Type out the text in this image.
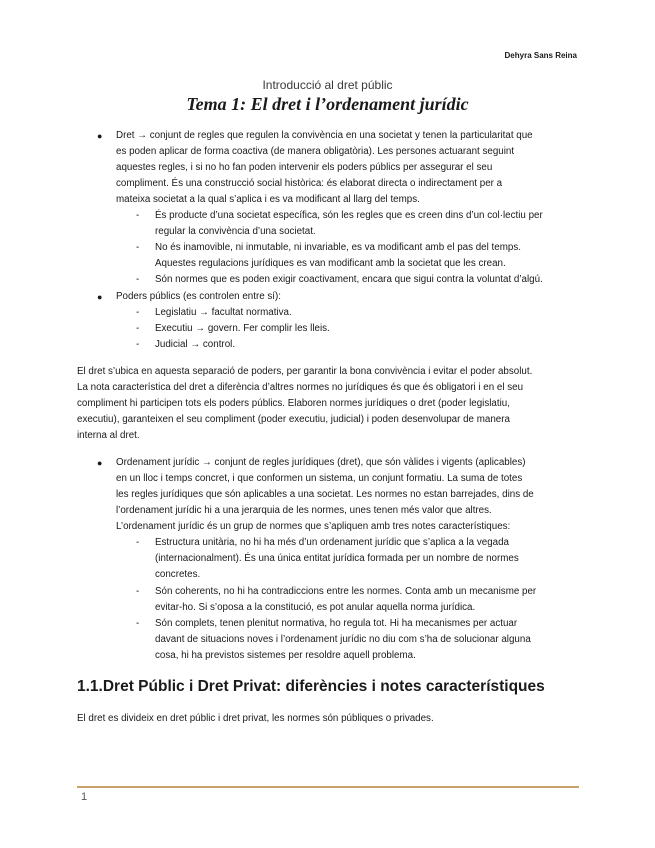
Dehyra Sans Reina
Introducció al dret públic
Tema 1: El dret i l’ordenament jurídic
● Dret → conjunt de regles que regulen la convivència en una societat y tenen la particularitat que
es poden aplicar de forma coactiva (de manera obligatòria). Les persones actuarant seguint
aquestes regles, i si no ho fan poden intervenir els poders públics per assegurar el seu
compliment. És una construcció social històrica: és elaborat directa o indirectament per a
mateixa societat a la qual s’aplica i es va modificant al llarg del temps.
- És producte d’una societat específica, són les regles que es creen dins d’un col·lectiu per
regular la convivència d’una societat.
- No és inamovible, ni inmutable, ni invariable, es va modificant amb el pas del temps.
Aquestes regulacions jurídiques es van modificant amb la societat que les crean.
- Són normes que es poden exigir coactivament, encara que sigui contra la voluntat d’algú.
● Poders públics (es controlen entre sí):
- Legislatiu → facultat normativa.
- Executiu → govern. Fer complir les lleis.
- Judicial → control.
El dret s’ubica en aquesta separació de poders, per garantir la bona convivència i evitar el poder absolut.
La nota característica del dret a diferència d’altres normes no jurídiques és que és obligatori i en el seu
compliment hi participen tots els poders públics. Elaboren normes jurídiques o dret (poder legislatiu,
executiu), garanteixen el seu compliment (poder executiu, judicial) i poden desenvolupar de manera
interna al dret.
● Ordenament jurídic → conjunt de regles jurídiques (dret), que són vàlides i vigents (aplicables)
en un lloc i temps concret, i que conformen un sistema, un conjunt formatiu. La suma de totes
les regles jurídiques que són aplicables a una societat. Les normes no estan barrejades, dins de
l’ordenament jurídic hi a una jerarquia de les normes, unes tenen més valor que altres.
L’ordenament jurídic és un grup de normes que s’apliquen amb tres notes característiques:
- Estructura unitària, no hi ha més d’un ordenament jurídic que s’aplica a la vegada
(internacionalment). És una única entitat jurídica formada per un nombre de normes
concretes.
- Són coherents, no hi ha contradiccions entre les normes. Conta amb un mecanisme per
evitar-ho. Si s’oposa a la constitució, es pot anular aquella norma jurídica.
- Són complets, tenen plenitut normativa, ho regula tot. Hi ha mecanismes per actuar
davant de situacions noves i l’ordenament jurídic no diu com s’ha de solucionar alguna
cosa, hi ha previstos sistemes per resoldre aquell problema.
1.1.Dret Públic i Dret Privat: diferències i notes característiques
El dret es divideix en dret públic i dret privat, les normes són públiques o privades.
1
